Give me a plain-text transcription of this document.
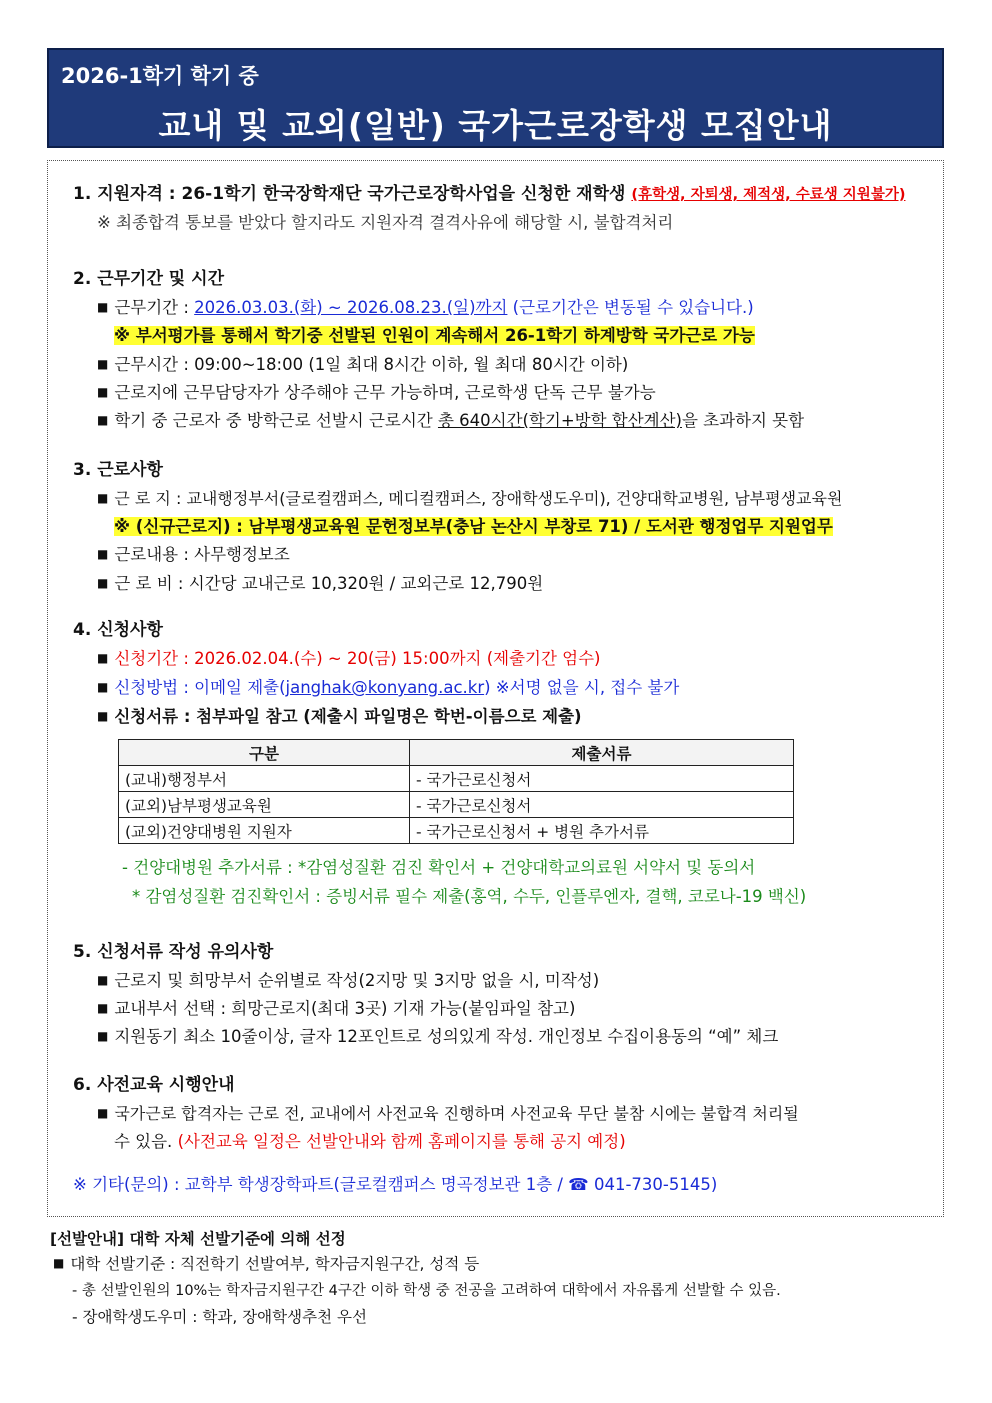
2026-1학기 학기 중
교내 및 교외(일반) 국가근로장학생 모집안내
1. 지원자격 : 26-1학기 한국장학재단 국가근로장학사업을 신청한 재학생 (휴학생, 자퇴생, 제적생, 수료생 지원불가)
※ 최종합격 통보를 받았다 할지라도 지원자격 결격사유에 해당할 시, 불합격처리
2. 근무기간 및 시간
■ 근무기간 : 2026.03.03.(화) ~ 2026.08.23.(일)까지 (근로기간은 변동될 수 있습니다.)
※ 부서평가를 통해서 학기중 선발된 인원이 계속해서 26-1학기 하계방학 국가근로 가능
■ 근무시간 : 09:00~18:00 (1일 최대 8시간 이하, 월 최대 80시간 이하)
■ 근로지에 근무담당자가 상주해야 근무 가능하며, 근로학생 단독 근무 불가능
■ 학기 중 근로자 중 방학근로 선발시 근로시간 총 640시간(학기+방학 합산계산)을 초과하지 못함
3. 근로사항
■ 근 로 지 : 교내행정부서(글로컬캠퍼스, 메디컬캠퍼스, 장애학생도우미), 건양대학교병원, 남부평생교육원
※ (신규근로지) : 남부평생교육원 문헌정보부(충남 논산시 부창로 71) / 도서관 행정업무 지원업무
■ 근로내용 : 사무행정보조
■ 근 로 비 : 시간당 교내근로 10,320원 / 교외근로 12,790원
4. 신청사항
■ 신청기간 : 2026.02.04.(수) ~ 20(금) 15:00까지 (제출기간 엄수)
■ 신청방법 : 이메일 제출(janghak@konyang.ac.kr) ※서명 없을 시, 접수 불가
■ 신청서류 : 첨부파일 참고 (제출시 파일명은 학번-이름으로 제출)
구분	제출서류
(교내)행정부서	- 국가근로신청서
(교외)남부평생교육원	- 국가근로신청서
(교외)건양대병원 지원자	- 국가근로신청서 + 병원 추가서류
- 건양대병원 추가서류 : *감염성질환 검진 확인서 + 건양대학교의료원 서약서 및 동의서
* 감염성질환 검진확인서 : 증빙서류 필수 제출(홍역, 수두, 인플루엔자, 결핵, 코로나-19 백신)
5. 신청서류 작성 유의사항
■ 근로지 및 희망부서 순위별로 작성(2지망 및 3지망 없을 시, 미작성)
■ 교내부서 선택 : 희망근로지(최대 3곳) 기재 가능(붙임파일 참고)
■ 지원동기 최소 10줄이상, 글자 12포인트로 성의있게 작성. 개인정보 수집이용동의 “예” 체크
6. 사전교육 시행안내
■ 국가근로 합격자는 근로 전, 교내에서 사전교육 진행하며 사전교육 무단 불참 시에는 불합격 처리될
수 있음. (사전교육 일정은 선발안내와 함께 홈페이지를 통해 공지 예정)
※ 기타(문의) : 교학부 학생장학파트(글로컬캠퍼스 명곡정보관 1층 / ☎ 041-730-5145)
[선발안내] 대학 자체 선발기준에 의해 선정
■ 대학 선발기준 : 직전학기 선발여부, 학자금지원구간, 성적 등
- 총 선발인원의 10%는 학자금지원구간 4구간 이하 학생 중 전공을 고려하여 대학에서 자유롭게 선발할 수 있음.
- 장애학생도우미 : 학과, 장애학생추천 우선
